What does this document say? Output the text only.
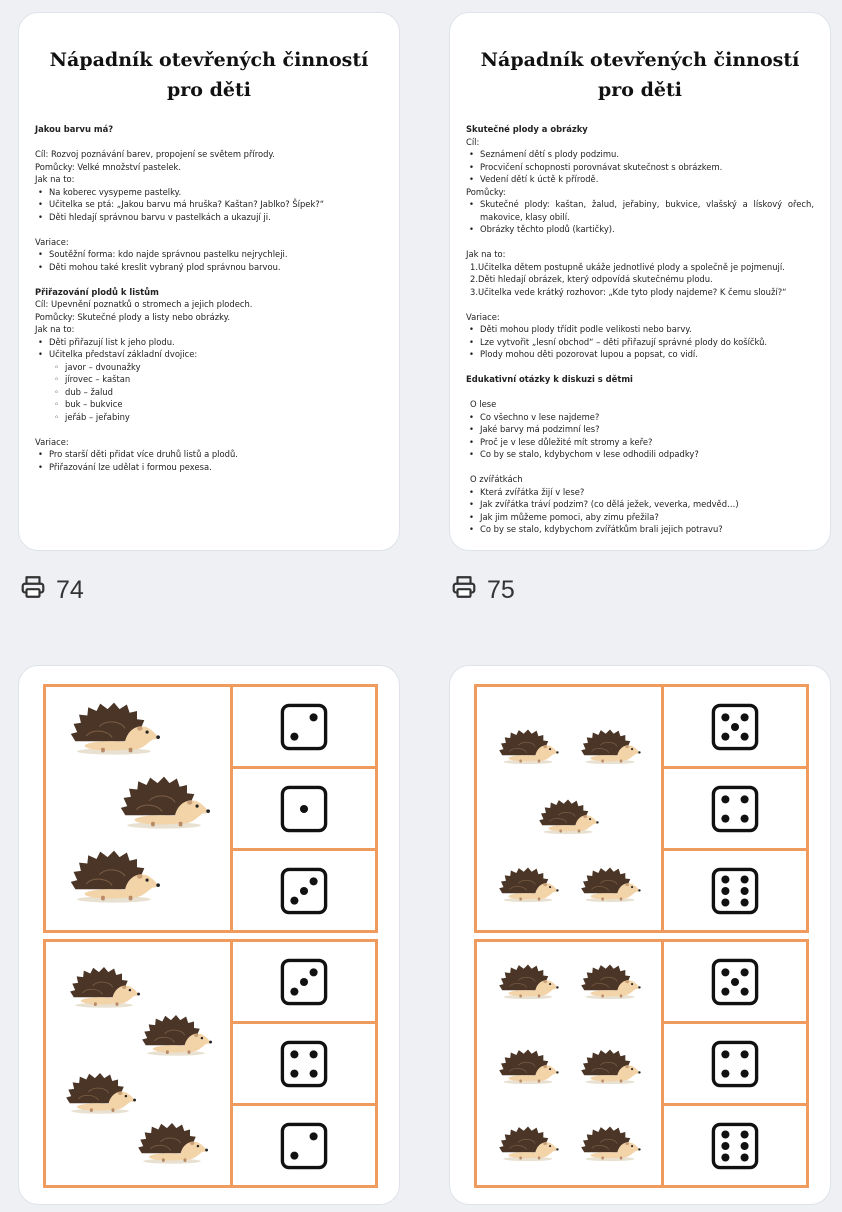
Nápadník otevřených činností
pro děti
Jakou barvu má?
Cíl: Rozvoj poznávání barev, propojení se světem přírody.
Pomůcky: Velké množství pastelek.
Jak na to:
• Na koberec vysypeme pastelky.
• Učitelka se ptá: „Jakou barvu má hruška? Kaštan? Jablko? Šípek?“
• Děti hledají správnou barvu v pastelkách a ukazují ji.
Variace:
• Soutěžní forma: kdo najde správnou pastelku nejrychleji.
• Děti mohou také kreslit vybraný plod správnou barvou.
Přiřazování plodů k listům
Cíl: Upevnění poznatků o stromech a jejich plodech.
Pomůcky: Skutečné plody a listy nebo obrázky.
Jak na to:
• Děti přiřazují list k jeho plodu.
• Učitelka představí základní dvojice:
◦ javor – dvounažky
◦ jírovec – kaštan
◦ dub – žalud
◦ buk – bukvice
◦ jeřáb – jeřabiny
Variace:
• Pro starší děti přidat více druhů listů a plodů.
• Přiřazování lze udělat i formou pexesa.
74
Nápadník otevřených činností
pro děti
Skutečné plody a obrázky
Cíl:
• Seznámení dětí s plody podzimu.
• Procvičení schopnosti porovnávat skutečnost s obrázkem.
• Vedení dětí k úctě k přírodě.
Pomůcky:
• Skutečné plody: kaštan, žalud, jeřabiny, bukvice, vlašský a lískový ořech, makovice, klasy obilí.
• Obrázky těchto plodů (kartičky).
Jak na to:
1.Učitelka dětem postupně ukáže jednotlivé plody a společně je pojmenují.
2.Děti hledají obrázek, který odpovídá skutečnému plodu.
3.Učitelka vede krátký rozhovor: „Kde tyto plody najdeme? K čemu slouží?“
Variace:
• Děti mohou plody třídit podle velikosti nebo barvy.
• Lze vytvořit „lesní obchod“ – děti přiřazují správné plody do košíčků.
• Plody mohou děti pozorovat lupou a popsat, co vidí.
Edukativní otázky k diskuzi s dětmi
O lese
• Co všechno v lese najdeme?
• Jaké barvy má podzimní les?
• Proč je v lese důležité mít stromy a keře?
• Co by se stalo, kdybychom v lese odhodili odpadky?
O zvířátkách
• Která zvířátka žijí v lese?
• Jak zvířátka tráví podzim? (co dělá ježek, veverka, medvěd…)
• Jak jim můžeme pomoci, aby zimu přežila?
• Co by se stalo, kdybychom zvířátkům brali jejich potravu?
75
